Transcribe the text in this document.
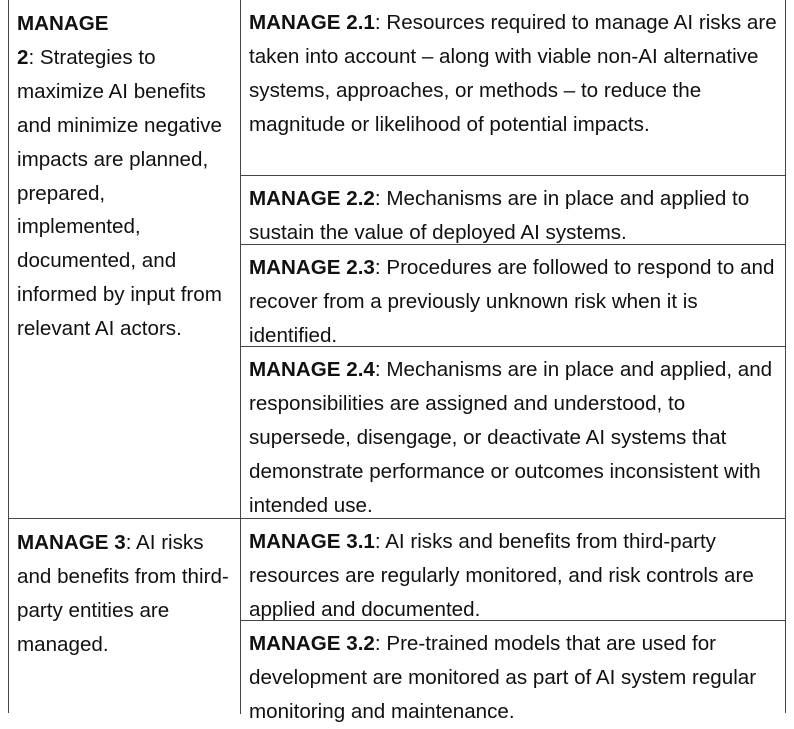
MANAGE
2: Strategies to maximize AI benefits and minimize negative impacts are planned, prepared, implemented, documented, and informed by input from relevant AI actors.

MANAGE 2.1: Resources required to manage AI risks are taken into account – along with viable non-AI alternative systems, approaches, or methods – to reduce the magnitude or likelihood of potential impacts.

MANAGE 2.2: Mechanisms are in place and applied to sustain the value of deployed AI systems.

MANAGE 2.3: Procedures are followed to respond to and recover from a previously unknown risk when it is identified.

MANAGE 2.4: Mechanisms are in place and applied, and responsibilities are assigned and understood, to supersede, disengage, or deactivate AI systems that demonstrate performance or outcomes inconsistent with intended use.

MANAGE 3: AI risks and benefits from third-party entities are managed.

MANAGE 3.1: AI risks and benefits from third-party resources are regularly monitored, and risk controls are applied and documented.

MANAGE 3.2: Pre-trained models that are used for development are monitored as part of AI system regular monitoring and maintenance.
